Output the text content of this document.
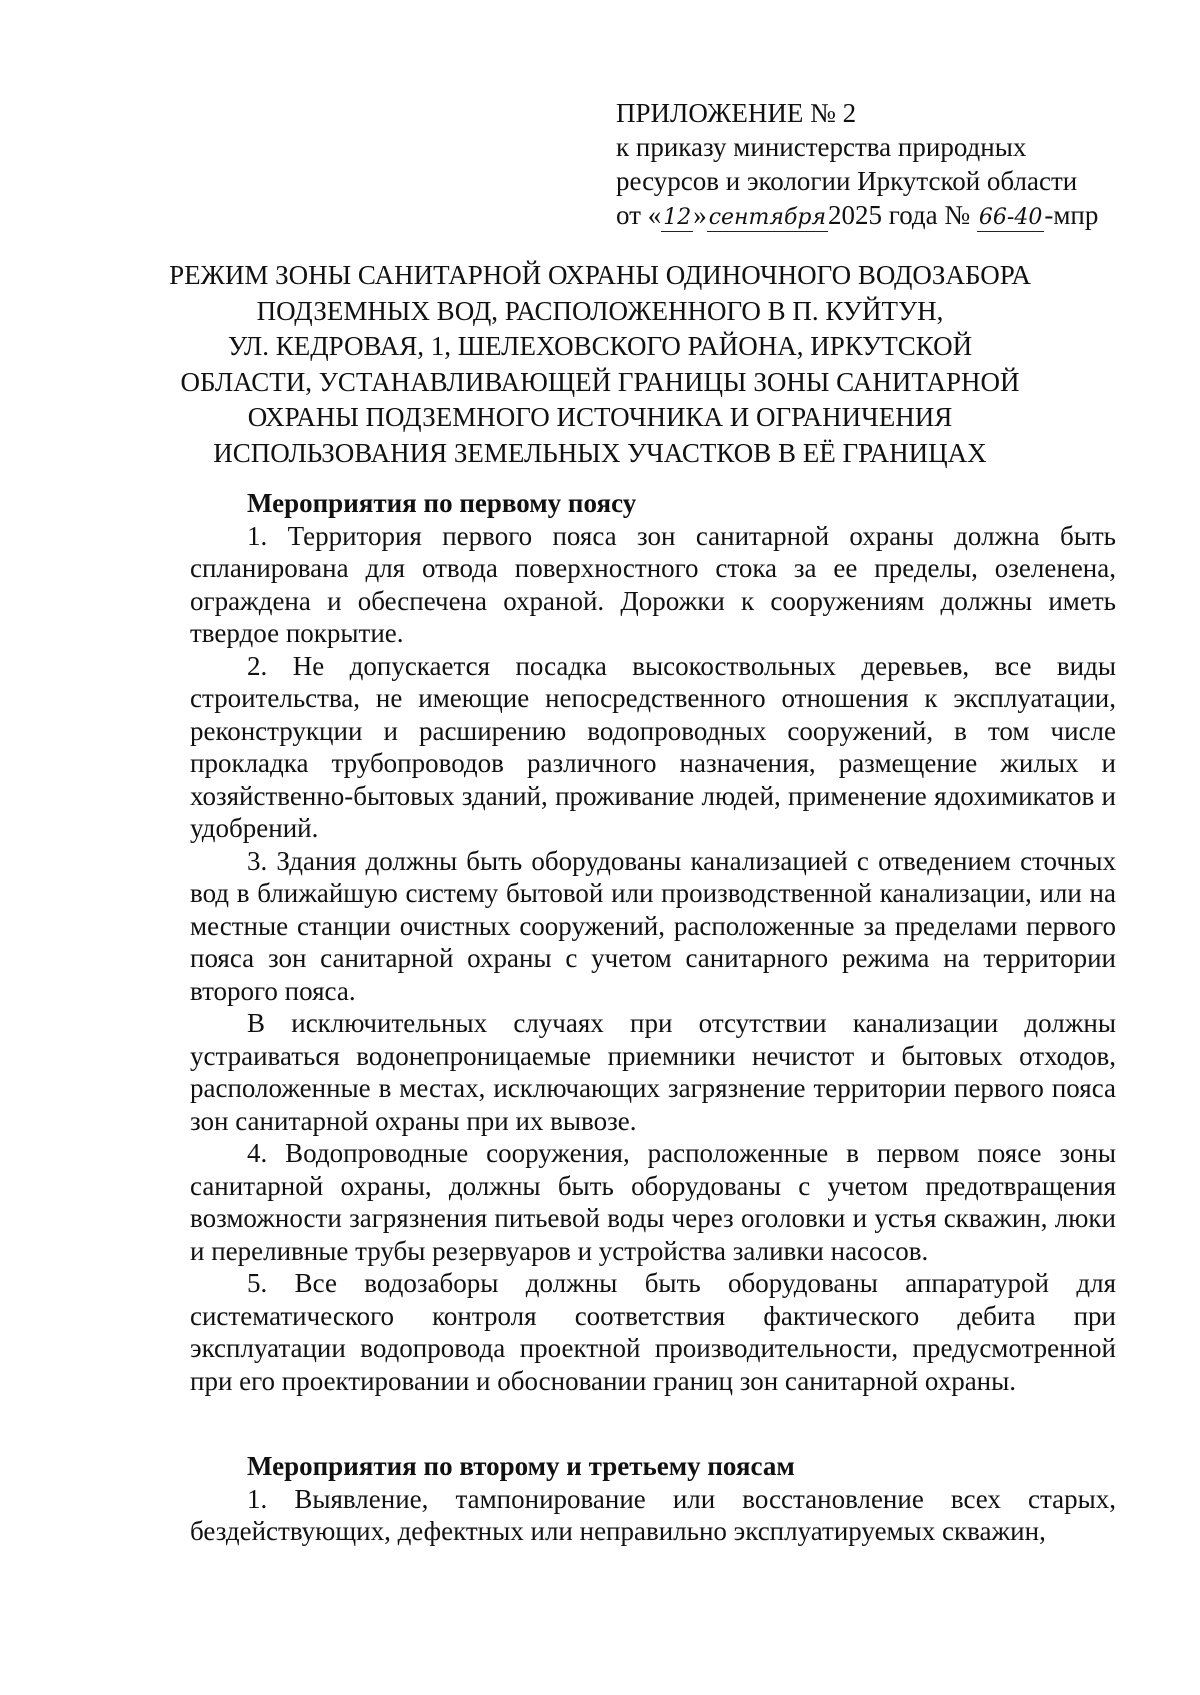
ПРИЛОЖЕНИЕ № 2
к приказу министерства природных
ресурсов и экологии Иркутской области
от «12»сентября2025 года № 66-40-мпр
РЕЖИМ ЗОНЫ САНИТАРНОЙ ОХРАНЫ ОДИНОЧНОГО ВОДОЗАБОРА
ПОДЗЕМНЫХ ВОД, РАСПОЛОЖЕННОГО В П. КУЙТУН,
УЛ. КЕДРОВАЯ, 1, ШЕЛЕХОВСКОГО РАЙОНА, ИРКУТСКОЙ
ОБЛАСТИ, УСТАНАВЛИВАЮЩЕЙ ГРАНИЦЫ ЗОНЫ САНИТАРНОЙ
ОХРАНЫ ПОДЗЕМНОГО ИСТОЧНИКА И ОГРАНИЧЕНИЯ
ИСПОЛЬЗОВАНИЯ ЗЕМЕЛЬНЫХ УЧАСТКОВ В ЕЁ ГРАНИЦАХ

Мероприятия по первому поясу

1. Территория первого пояса зон санитарной охраны должна быть спланирована для отвода поверхностного стока за ее пределы, озеленена, ограждена и обеспечена охраной. Дорожки к сооружениям должны иметь твердое покрытие.

2. Не допускается посадка высокоствольных деревьев, все виды строительства, не имеющие непосредственного отношения к эксплуатации, реконструкции и расширению водопроводных сооружений, в том числе прокладка трубопроводов различного назначения, размещение жилых и хозяйственно-бытовых зданий, проживание людей, применение ядохимикатов и удобрений.

3. Здания должны быть оборудованы канализацией с отведением сточных вод в ближайшую систему бытовой или производственной канализации, или на местные станции очистных сооружений, расположенные за пределами первого пояса зон санитарной охраны с учетом санитарного режима на территории второго пояса.

В исключительных случаях при отсутствии канализации должны устраиваться водонепроницаемые приемники нечистот и бытовых отходов, расположенные в местах, исключающих загрязнение территории первого пояса зон санитарной охраны при их вывозе.

4. Водопроводные сооружения, расположенные в первом поясе зоны санитарной охраны, должны быть оборудованы с учетом предотвращения возможности загрязнения питьевой воды через оголовки и устья скважин, люки и переливные трубы резервуаров и устройства заливки насосов.

5. Все водозаборы должны быть оборудованы аппаратурой для систематического контроля соответствия фактического дебита при эксплуатации водопровода проектной производительности, предусмотренной при его проектировании и обосновании границ зон санитарной охраны.

Мероприятия по второму и третьему поясам

1. Выявление, тампонирование или восстановление всех старых, бездействующих, дефектных или неправильно эксплуатируемых скважин,
